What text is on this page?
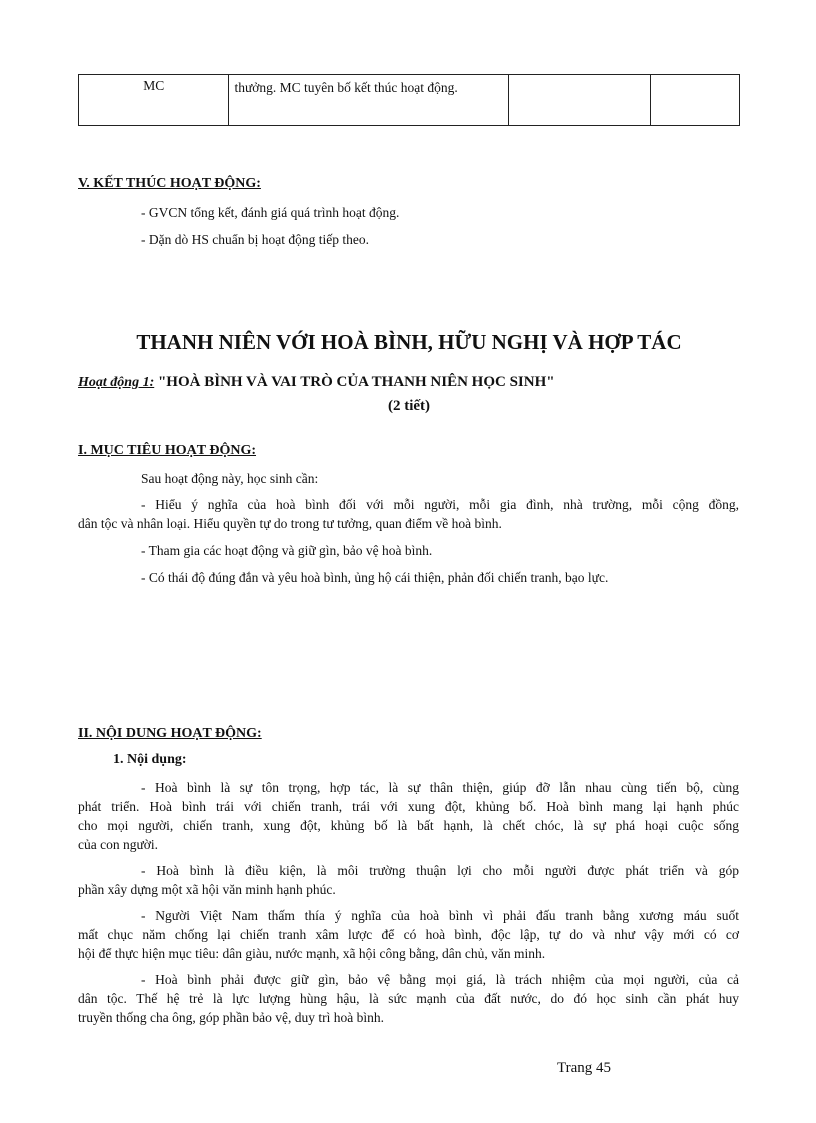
MC	thưởng. MC tuyên bố kết thúc hoạt động.		
V. KẾT THÚC HOẠT ĐỘNG:
- GVCN tổng kết, đánh giá quá trình hoạt động.
- Dặn dò HS chuẩn bị hoạt động tiếp theo.
THANH NIÊN VỚI HOÀ BÌNH, HỮU NGHỊ VÀ HỢP TÁC
Hoạt động 1: "HOÀ BÌNH VÀ VAI TRÒ CỦA THANH NIÊN HỌC SINH"
(2 tiết)
I. MỤC TIÊU HOẠT ĐỘNG:
Sau hoạt động này, học sinh cần:
- Hiểu ý nghĩa của hoà bình đối với mỗi người, mỗi gia đình, nhà trường, mỗi cộng đồng,
dân tộc và nhân loại. Hiểu quyền tự do trong tư tưởng, quan điểm về hoà bình.
- Tham gia các hoạt động và giữ gìn, bảo vệ hoà bình.
- Có thái độ đúng đắn và yêu hoà bình, ủng hộ cái thiện, phản đối chiến tranh, bạo lực.
II. NỘI DUNG HOẠT ĐỘNG:
1. Nội dụng:
- Hoà bình là sự tôn trọng, hợp tác, là sự thân thiện, giúp đỡ lẫn nhau cùng tiến bộ, cùng
phát triển. Hoà bình trái với chiến tranh, trái với xung đột, khủng bố. Hoà bình mang lại hạnh phúc
cho mọi người, chiến tranh, xung đột, khủng bố là bất hạnh, là chết chóc, là sự phá hoại cuộc sống
của con người.
- Hoà bình là điều kiện, là môi trường thuận lợi cho mỗi người được phát triển và góp
phần xây dựng một xã hội văn minh hạnh phúc.
- Người Việt Nam thấm thía ý nghĩa của hoà bình vì phải đấu tranh bằng xương máu suốt
mất chục năm chống lại chiến tranh xâm lược để có hoà bình, độc lập, tự do và như vậy mới có cơ
hội để thực hiện mục tiêu: dân giàu, nước mạnh, xã hội công bằng, dân chủ, văn minh.
- Hoà bình phải được giữ gìn, bảo vệ bằng mọi giá, là trách nhiệm của mọi người, của cả
dân tộc. Thế hệ trẻ là lực lượng hùng hậu, là sức mạnh của đất nước, do đó học sinh cần phát huy
truyền thống cha ông, góp phần bảo vệ, duy trì hoà bình.
Trang 45
